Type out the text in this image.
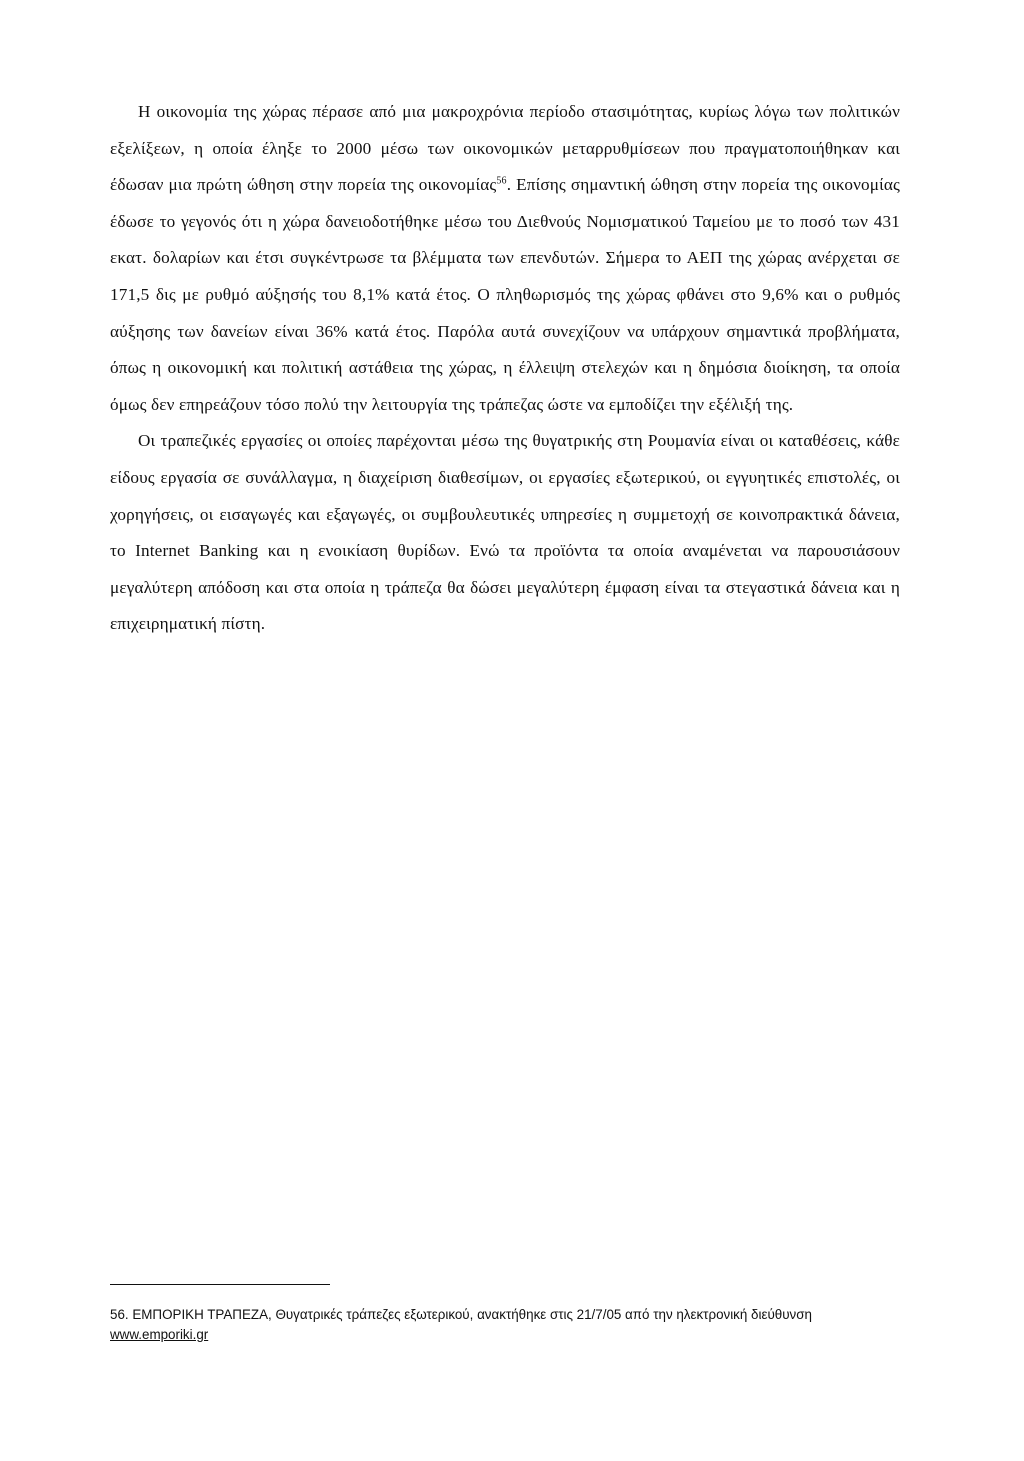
Η οικονομία της χώρας πέρασε από μια μακροχρόνια περίοδο στασιμότητας, κυρίως λόγω των πολιτικών εξελίξεων, η οποία έληξε το 2000 μέσω των οικονομικών μεταρρυθμίσεων που πραγματοποιήθηκαν και έδωσαν μια πρώτη ώθηση στην πορεία της οικονομίας$^{56}$. Επίσης σημαντική ώθηση στην πορεία της οικονομίας έδωσε το γεγονός ότι η χώρα δανειοδοτήθηκε μέσω του Διεθνούς Νομισματικού Ταμείου με το ποσό των 431 εκατ. δολαρίων και έτσι συγκέντρωσε τα βλέμματα των επενδυτών. Σήμερα το ΑΕΠ της χώρας ανέρχεται σε 171,5 δις με ρυθμό αύξησής του 8,1% κατά έτος. Ο πληθωρισμός της χώρας φθάνει στο 9,6% και ο ρυθμός αύξησης των δανείων είναι 36% κατά έτος. Παρόλα αυτά συνεχίζουν να υπάρχουν σημαντικά προβλήματα, όπως η οικονομική και πολιτική αστάθεια της χώρας, η έλλειψη στελεχών και η δημόσια διοίκηση, τα οποία όμως δεν επηρεάζουν τόσο πολύ την λειτουργία της τράπεζας ώστε να εμποδίζει την εξέλιξή της.

Οι τραπεζικές εργασίες οι οποίες παρέχονται μέσω της θυγατρικής στη Ρουμανία είναι οι καταθέσεις, κάθε είδους εργασία σε συνάλλαγμα, η διαχείριση διαθεσίμων, οι εργασίες εξωτερικού, οι εγγυητικές επιστολές, οι χορηγήσεις, οι εισαγωγές και εξαγωγές, οι συμβουλευτικές υπηρεσίες η συμμετοχή σε κοινοπρακτικά δάνεια, το Internet Banking και η ενοικίαση θυρίδων. Ενώ τα προϊόντα τα οποία αναμένεται να παρουσιάσουν μεγαλύτερη απόδοση και στα οποία η τράπεζα θα δώσει μεγαλύτερη έμφαση είναι τα στεγαστικά δάνεια και η επιχειρηματική πίστη.

56. ΕΜΠΟΡΙΚΗ ΤΡΑΠΕΖΑ, Θυγατρικές τράπεζες εξωτερικού, ανακτήθηκε στις 21/7/05 από την ηλεκτρονική διεύθυνση www.emporiki.gr
